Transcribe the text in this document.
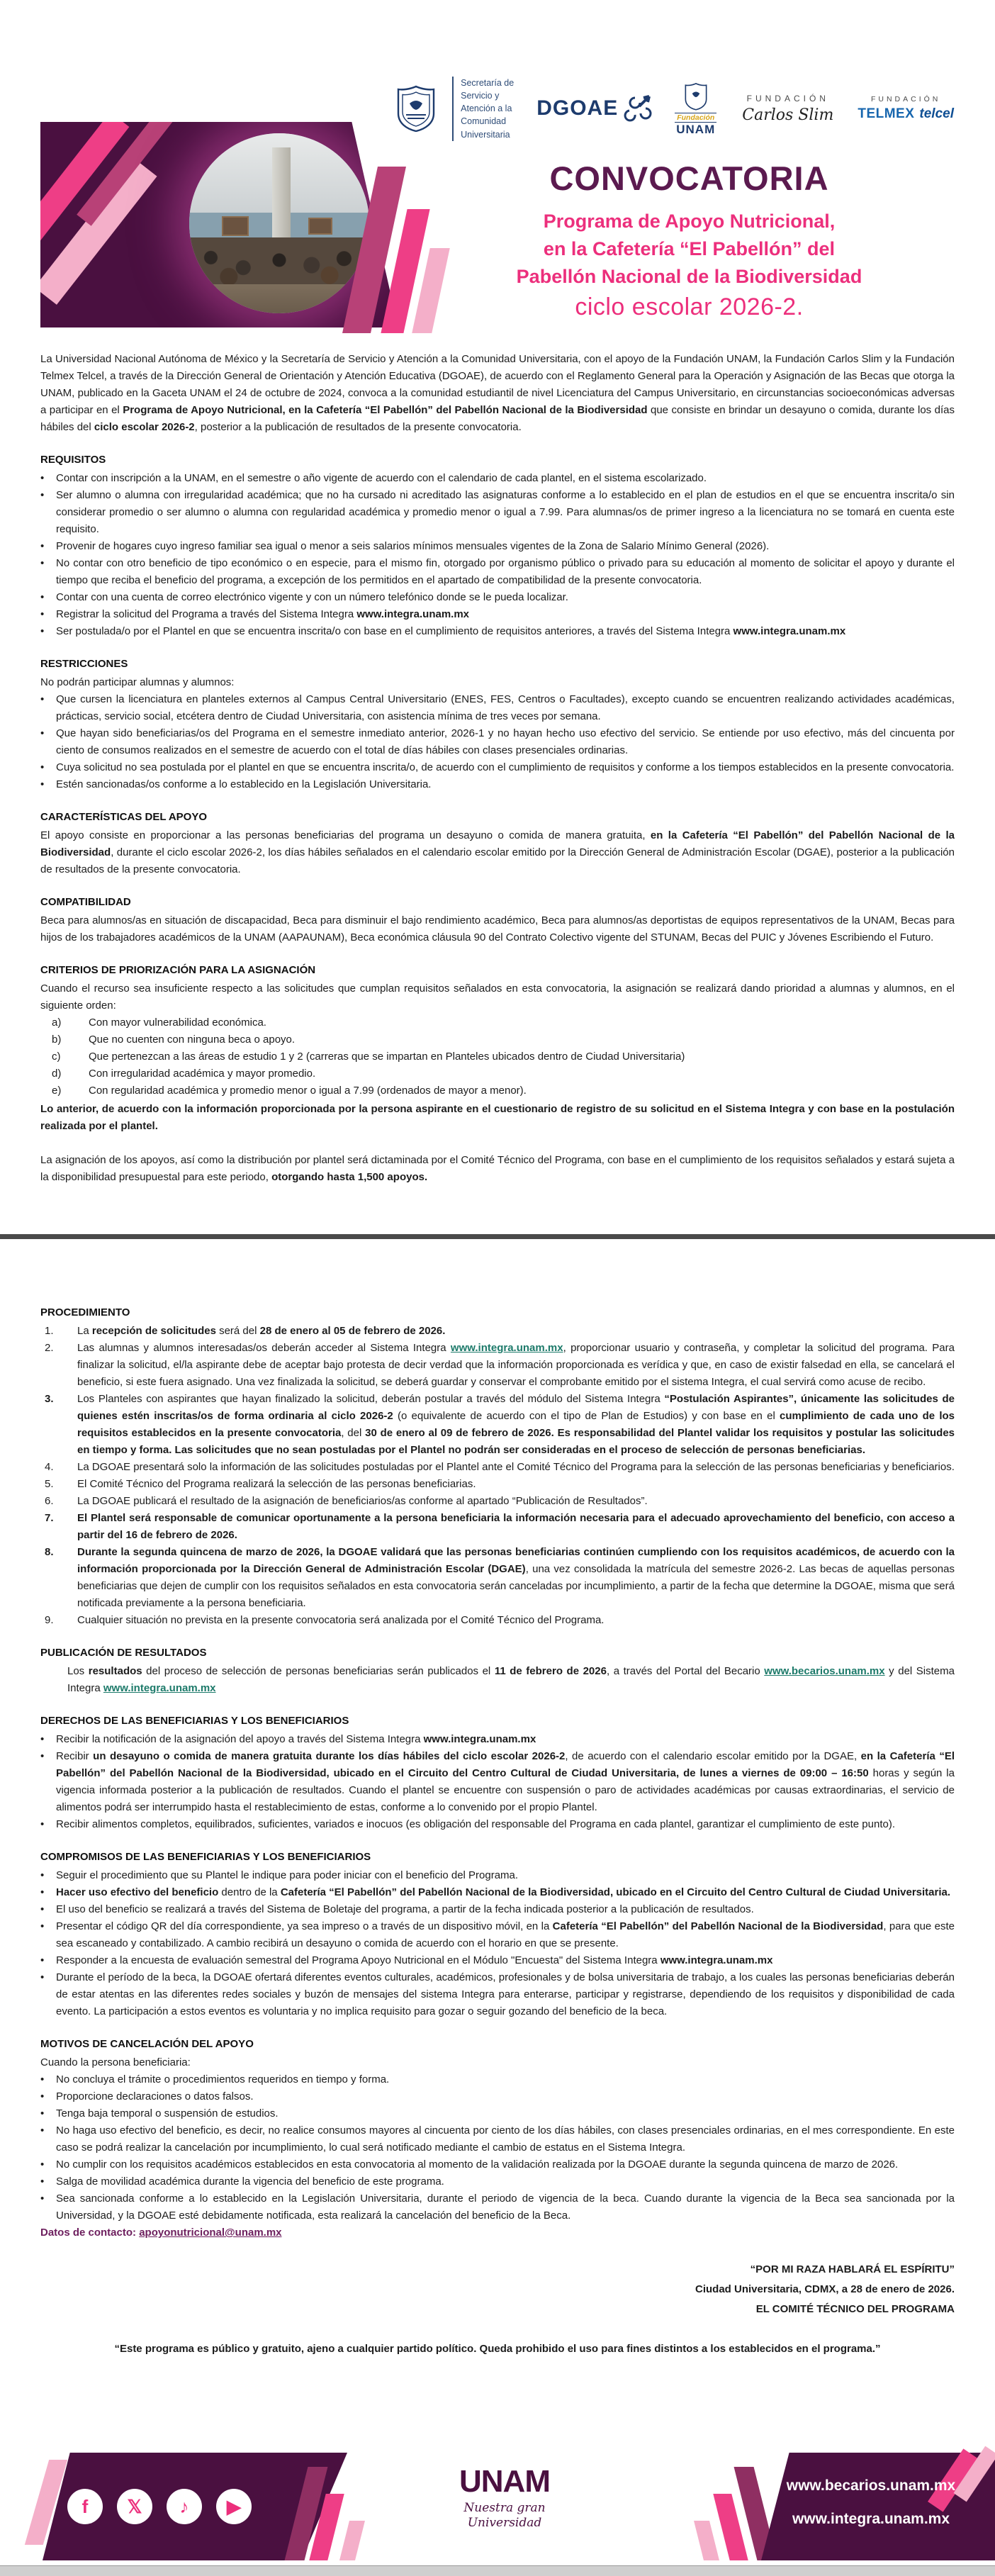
Secretaría de
Servicio y
Atención a la
Comunidad
Universitaria
DGOAE	Fundación
UNAM
FUNDACIÓN
Carlos Slim
FUNDACIÓN
TELMEX telcel
CONVOCATORIA
Programa de Apoyo Nutricional,
en la Cafetería “El Pabellón” del
Pabellón Nacional de la Biodiversidad
ciclo escolar 2026-2.

La Universidad Nacional Autónoma de México y la Secretaría de Servicio y Atención a la Comunidad Universitaria, con el apoyo de la Fundación UNAM, la Fundación Carlos Slim y la Fundación Telmex Telcel, a través de la Dirección General de Orientación y Atención Educativa (DGOAE), de acuerdo con el Reglamento General para la Operación y Asignación de las Becas que otorga la UNAM, publicado en la Gaceta UNAM el 24 de octubre de 2024, convoca a la comunidad estudiantil de nivel Licenciatura del Campus Universitario, en circunstancias socioeconómicas adversas a participar en el Programa de Apoyo Nutricional, en la Cafetería “El Pabellón” del Pabellón Nacional de la Biodiversidad que consiste en brindar un desayuno o comida, durante los días hábiles del ciclo escolar 2026-2, posterior a la publicación de resultados de la presente convocatoria.

REQUISITOS
•	Contar con inscripción a la UNAM, en el semestre o año vigente de acuerdo con el calendario de cada plantel, en el sistema escolarizado.
•	Ser alumno o alumna con irregularidad académica; que no ha cursado ni acreditado las asignaturas conforme a lo establecido en el plan de estudios en el que se encuentra inscrita/o sin considerar promedio o ser alumno o alumna con regularidad académica y promedio menor o igual a 7.99. Para alumnas/os de primer ingreso a la licenciatura no se tomará en cuenta este requisito.
•	Provenir de hogares cuyo ingreso familiar sea igual o menor a seis salarios mínimos mensuales vigentes de la Zona de Salario Mínimo General (2026).
•	No contar con otro beneficio de tipo económico o en especie, para el mismo fin, otorgado por organismo público o privado para su educación al momento de solicitar el apoyo y durante el tiempo que reciba el beneficio del programa, a excepción de los permitidos en el apartado de compatibilidad de la presente convocatoria.
•	Contar con una cuenta de correo electrónico vigente y con un número telefónico donde se le pueda localizar.
•	Registrar la solicitud del Programa a través del Sistema Integra www.integra.unam.mx
•	Ser postulada/o por el Plantel en que se encuentra inscrita/o con base en el cumplimiento de requisitos anteriores, a través del Sistema Integra www.integra.unam.mx
RESTRICCIONES

No podrán participar alumnas y alumnos:

•	Que cursen la licenciatura en planteles externos al Campus Central Universitario (ENES, FES, Centros o Facultades), excepto cuando se encuentren realizando actividades académicas, prácticas, servicio social, etcétera dentro de Ciudad Universitaria, con asistencia mínima de tres veces por semana.
•	Que hayan sido beneficiarias/os del Programa en el semestre inmediato anterior, 2026-1 y no hayan hecho uso efectivo del servicio. Se entiende por uso efectivo, más del cincuenta por ciento de consumos realizados en el semestre de acuerdo con el total de días hábiles con clases presenciales ordinarias.
•	Cuya solicitud no sea postulada por el plantel en que se encuentra inscrita/o, de acuerdo con el cumplimiento de requisitos y conforme a los tiempos establecidos en la presente convocatoria.
•	Estén sancionadas/os conforme a lo establecido en la Legislación Universitaria.
CARACTERÍSTICAS DEL APOYO

El apoyo consiste en proporcionar a las personas beneficiarias del programa un desayuno o comida de manera gratuita, en la Cafetería “El Pabellón” del Pabellón Nacional de la Biodiversidad, durante el ciclo escolar 2026-2, los días hábiles señalados en el calendario escolar emitido por la Dirección General de Administración Escolar (DGAE), posterior a la publicación de resultados de la presente convocatoria.

COMPATIBILIDAD

Beca para alumnos/as en situación de discapacidad, Beca para disminuir el bajo rendimiento académico, Beca para alumnos/as deportistas de equipos representativos de la UNAM, Becas para hijos de los trabajadores académicos de la UNAM (AAPAUNAM), Beca económica cláusula 90 del Contrato Colectivo vigente del STUNAM, Becas del PUIC y Jóvenes Escribiendo el Futuro.

CRITERIOS DE PRIORIZACIÓN PARA LA ASIGNACIÓN

Cuando el recurso sea insuficiente respecto a las solicitudes que cumplan requisitos señalados en esta convocatoria, la asignación se realizará dando prioridad a alumnas y alumnos, en el siguiente orden:

a)	Con mayor vulnerabilidad económica.
b)	Que no cuenten con ninguna beca o apoyo.
c)	Que pertenezcan a las áreas de estudio 1 y 2 (carreras que se impartan en Planteles ubicados dentro de Ciudad Universitaria)
d)	Con irregularidad académica y mayor promedio.
e)	Con regularidad académica y promedio menor o igual a 7.99 (ordenados de mayor a menor).

Lo anterior, de acuerdo con la información proporcionada por la persona aspirante en el cuestionario de registro de su solicitud en el Sistema Integra y con base en la postulación realizada por el plantel.

La asignación de los apoyos, así como la distribución por plantel será dictaminada por el Comité Técnico del Programa, con base en el cumplimiento de los requisitos señalados y estará sujeta a la disponibilidad presupuestal para este periodo, otorgando hasta 1,500 apoyos.

PROCEDIMIENTO
1.	La recepción de solicitudes será del 28 de enero al 05 de febrero de 2026.
2.	Las alumnas y alumnos interesadas/os deberán acceder al Sistema Integra www.integra.unam.mx, proporcionar usuario y contraseña, y completar la solicitud del programa. Para finalizar la solicitud, el/la aspirante debe de aceptar bajo protesta de decir verdad que la información proporcionada es verídica y que, en caso de existir falsedad en ella, se cancelará el beneficio, si este fuera asignado. Una vez finalizada la solicitud, se deberá guardar y conservar el comprobante emitido por el sistema Integra, el cual servirá como acuse de recibo.
3.	Los Planteles con aspirantes que hayan finalizado la solicitud, deberán postular a través del módulo del Sistema Integra “Postulación Aspirantes”, únicamente las solicitudes de quienes estén inscritas/os de forma ordinaria al ciclo 2026-2 (o equivalente de acuerdo con el tipo de Plan de Estudios) y con base en el cumplimiento de cada uno de los requisitos establecidos en la presente convocatoria, del 30 de enero al 09 de febrero de 2026. Es responsabilidad del Plantel validar los requisitos y postular las solicitudes en tiempo y forma. Las solicitudes que no sean postuladas por el Plantel no podrán ser consideradas en el proceso de selección de personas beneficiarias.
4.	La DGOAE presentará solo la información de las solicitudes postuladas por el Plantel ante el Comité Técnico del Programa para la selección de las personas beneficiarias y beneficiarios.
5.	El Comité Técnico del Programa realizará la selección de las personas beneficiarias.
6.	La DGOAE publicará el resultado de la asignación de beneficiarios/as conforme al apartado “Publicación de Resultados”.
7.	El Plantel será responsable de comunicar oportunamente a la persona beneficiaria la información necesaria para el adecuado aprovechamiento del beneficio, con acceso a partir del 16 de febrero de 2026.
8.	Durante la segunda quincena de marzo de 2026, la DGOAE validará que las personas beneficiarias continúen cumpliendo con los requisitos académicos, de acuerdo con la información proporcionada por la Dirección General de Administración Escolar (DGAE), una vez consolidada la matrícula del semestre 2026-2. Las becas de aquellas personas beneficiarias que dejen de cumplir con los requisitos señalados en esta convocatoria serán canceladas por incumplimiento, a partir de la fecha que determine la DGOAE, misma que será notificada previamente a la persona beneficiaria.
9.	Cualquier situación no prevista en la presente convocatoria será analizada por el Comité Técnico del Programa.
PUBLICACIÓN DE RESULTADOS

Los resultados del proceso de selección de personas beneficiarias serán publicados el 11 de febrero de 2026, a través del Portal del Becario www.becarios.unam.mx y del Sistema Integra www.integra.unam.mx

DERECHOS DE LAS BENEFICIARIAS Y LOS BENEFICIARIOS
•	Recibir la notificación de la asignación del apoyo a través del Sistema Integra www.integra.unam.mx
•	Recibir un desayuno o comida de manera gratuita durante los días hábiles del ciclo escolar 2026-2, de acuerdo con el calendario escolar emitido por la DGAE, en la Cafetería “El Pabellón” del Pabellón Nacional de la Biodiversidad, ubicado en el Circuito del Centro Cultural de Ciudad Universitaria, de lunes a viernes de 09:00 – 16:50 horas y según la vigencia informada posterior a la publicación de resultados. Cuando el plantel se encuentre con suspensión o paro de actividades académicas por causas extraordinarias, el servicio de alimentos podrá ser interrumpido hasta el restablecimiento de estas, conforme a lo convenido por el propio Plantel.
•	Recibir alimentos completos, equilibrados, suficientes, variados e inocuos (es obligación del responsable del Programa en cada plantel, garantizar el cumplimiento de este punto).
COMPROMISOS DE LAS BENEFICIARIAS Y LOS BENEFICIARIOS
•	Seguir el procedimiento que su Plantel le indique para poder iniciar con el beneficio del Programa.
•	Hacer uso efectivo del beneficio dentro de la Cafetería “El Pabellón” del Pabellón Nacional de la Biodiversidad, ubicado en el Circuito del Centro Cultural de Ciudad Universitaria.
•	El uso del beneficio se realizará a través del Sistema de Boletaje del programa, a partir de la fecha indicada posterior a la publicación de resultados.
•	Presentar el código QR del día correspondiente, ya sea impreso o a través de un dispositivo móvil, en la Cafetería “El Pabellón” del Pabellón Nacional de la Biodiversidad, para que este sea escaneado y contabilizado. A cambio recibirá un desayuno o comida de acuerdo con el horario en que se presente.
•	Responder a la encuesta de evaluación semestral del Programa Apoyo Nutricional en el Módulo "Encuesta" del Sistema Integra www.integra.unam.mx
•	Durante el período de la beca, la DGOAE ofertará diferentes eventos culturales, académicos, profesionales y de bolsa universitaria de trabajo, a los cuales las personas beneficiarias deberán de estar atentas en las diferentes redes sociales y buzón de mensajes del sistema Integra para enterarse, participar y registrarse, dependiendo de los requisitos y disponibilidad de cada evento. La participación a estos eventos es voluntaria y no implica requisito para gozar o seguir gozando del beneficio de la beca.
MOTIVOS DE CANCELACIÓN DEL APOYO

Cuando la persona beneficiaria:

•	No concluya el trámite o procedimientos requeridos en tiempo y forma.
•	Proporcione declaraciones o datos falsos.
•	Tenga baja temporal o suspensión de estudios.
•	No haga uso efectivo del beneficio, es decir, no realice consumos mayores al cincuenta por ciento de los días hábiles, con clases presenciales ordinarias, en el mes correspondiente. En este caso se podrá realizar la cancelación por incumplimiento, lo cual será notificado mediante el cambio de estatus en el Sistema Integra.
•	No cumplir con los requisitos académicos establecidos en esta convocatoria al momento de la validación realizada por la DGOAE durante la segunda quincena de marzo de 2026.
•	Salga de movilidad académica durante la vigencia del beneficio de este programa.
•	Sea sancionada conforme a lo establecido en la Legislación Universitaria, durante el periodo de vigencia de la beca. Cuando durante la vigencia de la Beca sea sancionada por la Universidad, y la DGOAE esté debidamente notificada, esta realizará la cancelación del beneficio de la Beca.

Datos de contacto: apoyonutricional@unam.mx

“POR MI RAZA HABLARÁ EL ESPÍRITU”
Ciudad Universitaria, CDMX, a 28 de enero de 2026.
EL COMITÉ TÉCNICO DEL PROGRAMA
“Este programa es público y gratuito, ajeno a cualquier partido político. Queda prohibido el uso para fines distintos a los establecidos en el programa.”
f	𝕏	♪	▶
UNAM
Nuestra gran
Universidad
www.becarios.unam.mx
www.integra.unam.mx
